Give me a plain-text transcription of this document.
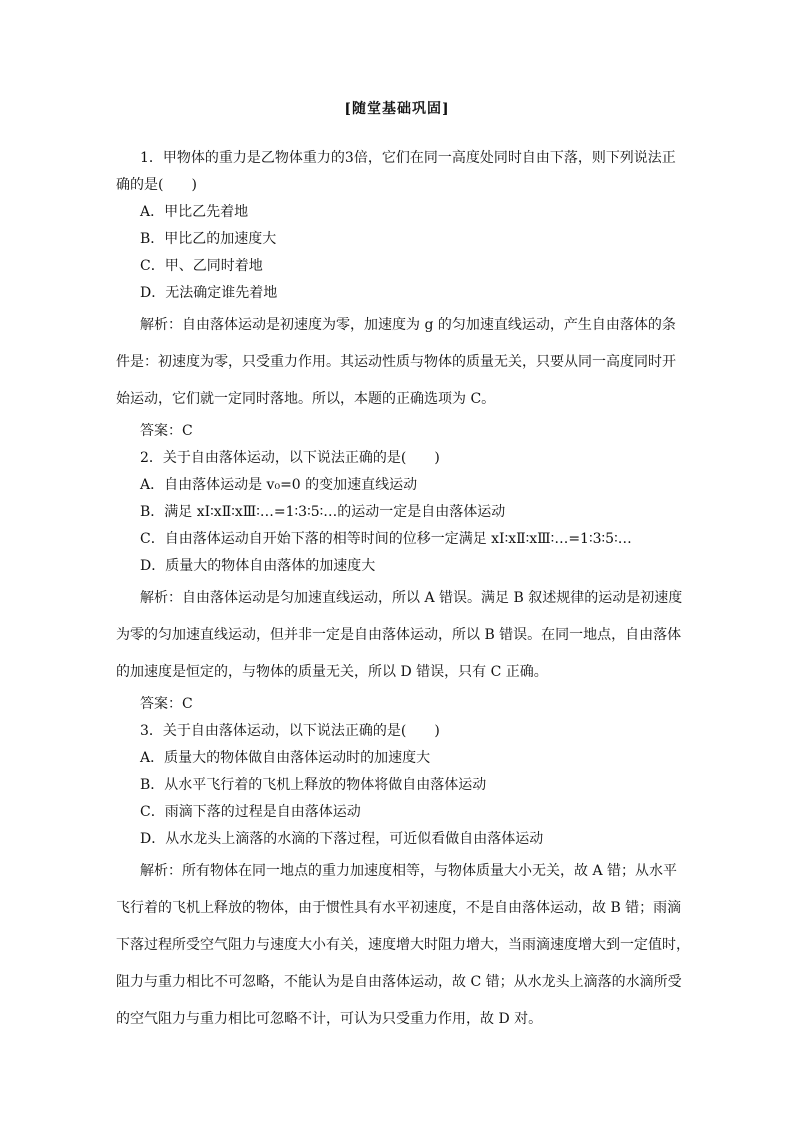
[随堂基础巩固]

1．甲物体的重力是乙物体重力的3倍，它们在同一高度处同时自由下落，则下列说法正

确的是(　　)

A．甲比乙先着地

B．甲比乙的加速度大

C．甲、乙同时着地

D．无法确定谁先着地

解析：自由落体运动是初速度为零，加速度为 g 的匀加速直线运动，产生自由落体的条

件是：初速度为零，只受重力作用。其运动性质与物体的质量无关，只要从同一高度同时开

始运动，它们就一定同时落地。所以，本题的正确选项为 C。

答案：C

2．关于自由落体运动，以下说法正确的是(　　)

A．自由落体运动是 v₀=0 的变加速直线运动

B．满足 xⅠ∶xⅡ∶xⅢ∶…=1∶3∶5∶…的运动一定是自由落体运动

C．自由落体运动自开始下落的相等时间的位移一定满足 xⅠ∶xⅡ∶xⅢ∶…=1∶3∶5∶…

D．质量大的物体自由落体的加速度大

解析：自由落体运动是匀加速直线运动，所以 A 错误。满足 B 叙述规律的运动是初速度

为零的匀加速直线运动，但并非一定是自由落体运动，所以 B 错误。在同一地点，自由落体

的加速度是恒定的，与物体的质量无关，所以 D 错误，只有 C 正确。

答案：C

3．关于自由落体运动，以下说法正确的是(　　)

A．质量大的物体做自由落体运动时的加速度大

B．从水平飞行着的飞机上释放的物体将做自由落体运动

C．雨滴下落的过程是自由落体运动

D．从水龙头上滴落的水滴的下落过程，可近似看做自由落体运动

解析：所有物体在同一地点的重力加速度相等，与物体质量大小无关，故 A 错；从水平

飞行着的飞机上释放的物体，由于惯性具有水平初速度，不是自由落体运动，故 B 错；雨滴

下落过程所受空气阻力与速度大小有关，速度增大时阻力增大，当雨滴速度增大到一定值时，

阻力与重力相比不可忽略，不能认为是自由落体运动，故 C 错；从水龙头上滴落的水滴所受

的空气阻力与重力相比可忽略不计，可认为只受重力作用，故 D 对。
